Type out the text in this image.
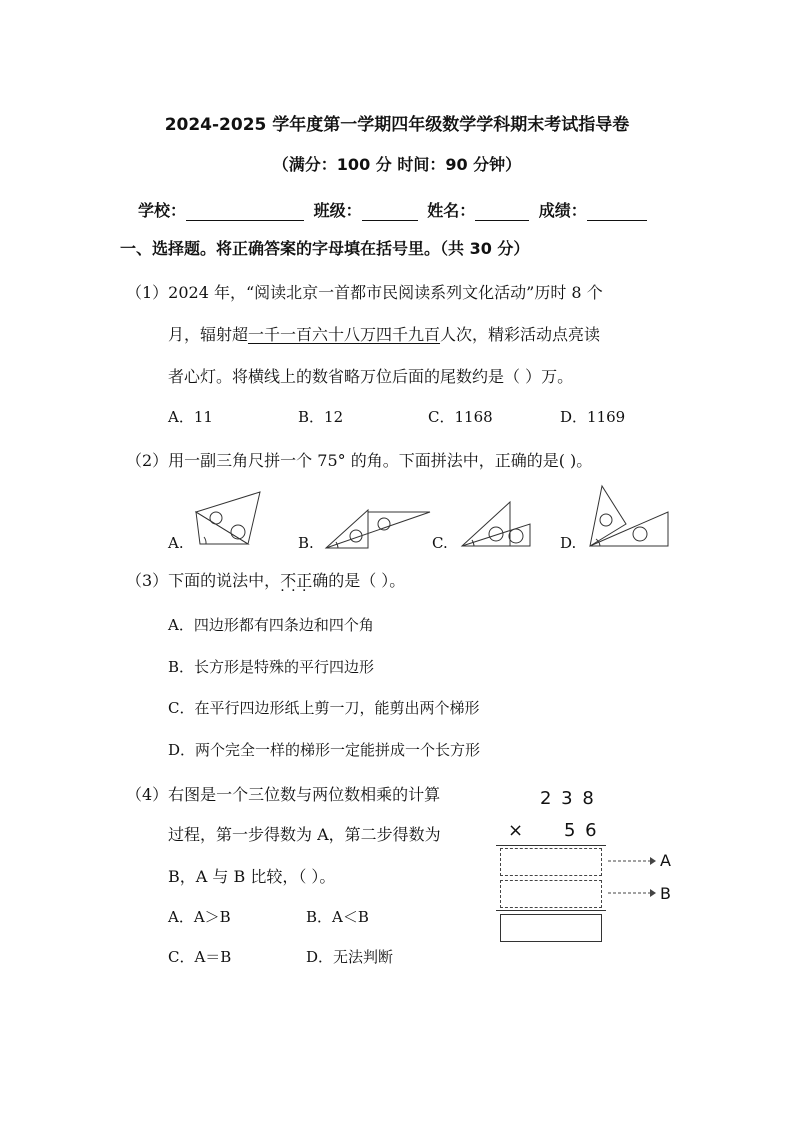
2024-2025 学年度第一学期四年级数学学科期末考试指导卷
（满分：100 分 时间：90 分钟）
学校：	班级：	姓名：	成绩：
一、选择题。将正确答案的字母填在括号里。（共 30 分）
（1）2024 年，“阅读北京一首都市民阅读系列文化活动”历时 8 个
月，辐射超一千一百六十八万四千九百人次，精彩活动点亮读
者心灯。将横线上的数省略万位后面的尾数约是（ ）万。
A．11	B．12	C．1168	D．1169
（2）用一副三角尺拼一个 75° 的角。下面拼法中，正确的是( )。
A.	B.	C.	D.
（3）下面的说法中，不正确 · · ·的是（ ）。
A．四边形都有四条边和四个角
B．长方形是特殊的平行四边形
C．在平行四边形纸上剪一刀，能剪出两个梯形
D．两个完全一样的梯形一定能拼成一个长方形
（4）右图是一个三位数与两位数相乘的计算
过程，第一步得数为 A，第二步得数为
B，A 与 B 比较，（ ）。
A．A＞B	B．A＜B
C．A＝B	D．无法判断
2 3 8
× 5 6
A
B
